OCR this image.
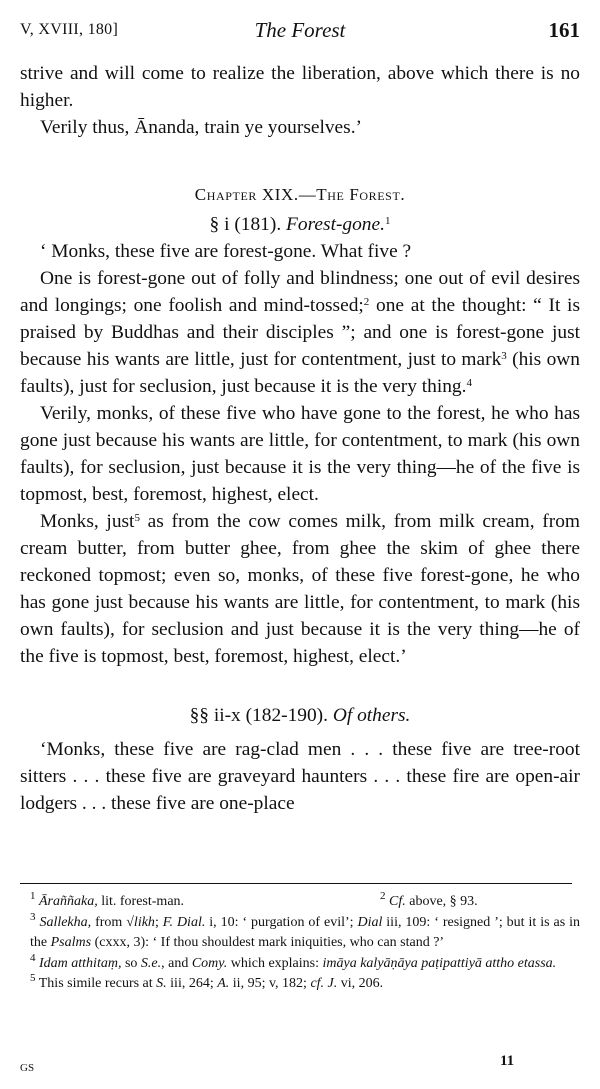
V, XVIII, 180]	The Forest	161

strive and will come to realize the liberation, above which there is no higher.

Verily thus, Ānanda, train ye yourselves.’

Chapter XIX.—The Forest.
§ i (181). Forest-gone.$^1$

‘ Monks, these five are forest-gone. What five ?

One is forest-gone out of folly and blindness; one out of evil desires and longings; one foolish and mind-tossed;$^2$ one at the thought: “ It is praised by Buddhas and their disciples ”; and one is forest-gone just because his wants are little, just for contentment, just to mark$^3$ (his own faults), just for seclusion, just because it is the very thing.$^4$

Verily, monks, of these five who have gone to the forest, he who has gone just because his wants are little, for contentment, to mark (his own faults), for seclusion, just because it is the very thing—he of the five is topmost, best, foremost, highest, elect.

Monks, just$^5$ as from the cow comes milk, from milk cream, from cream butter, from butter ghee, from ghee the skim of ghee there reckoned topmost; even so, monks, of these five forest-gone, he who has gone just because his wants are little, for contentment, to mark (his own faults), for seclusion and just because it is the very thing—he of the five is topmost, best, foremost, highest, elect.’

§§ ii-x (182-190). Of others.

‘Monks, these five are rag-clad men . . . these five are tree-root sitters . . . these five are graveyard haunters . . . these fire are open-air lodgers . . . these five are one-place

$^1$ Āraññaka, lit. forest-man.	$^2$ Cf. above, § 93.
$^3$ Sallekha, from √likh; F. Dial. i, 10: ‘ purgation of evil’; Dial iii, 109: ‘ resigned ’; but it is as in the Psalms (cxxx, 3): ‘ If thou shouldest mark iniquities, who can stand ?’
$^4$ Idam atthitaṃ, so S.e., and Comy. which explains: imāya kalyāṇāya paṭipattiyā attho etassa.
$^5$ This simile recurs at S. iii, 264; A. ii, 95; v, 182; cf. J. vi, 206.
GS	11
